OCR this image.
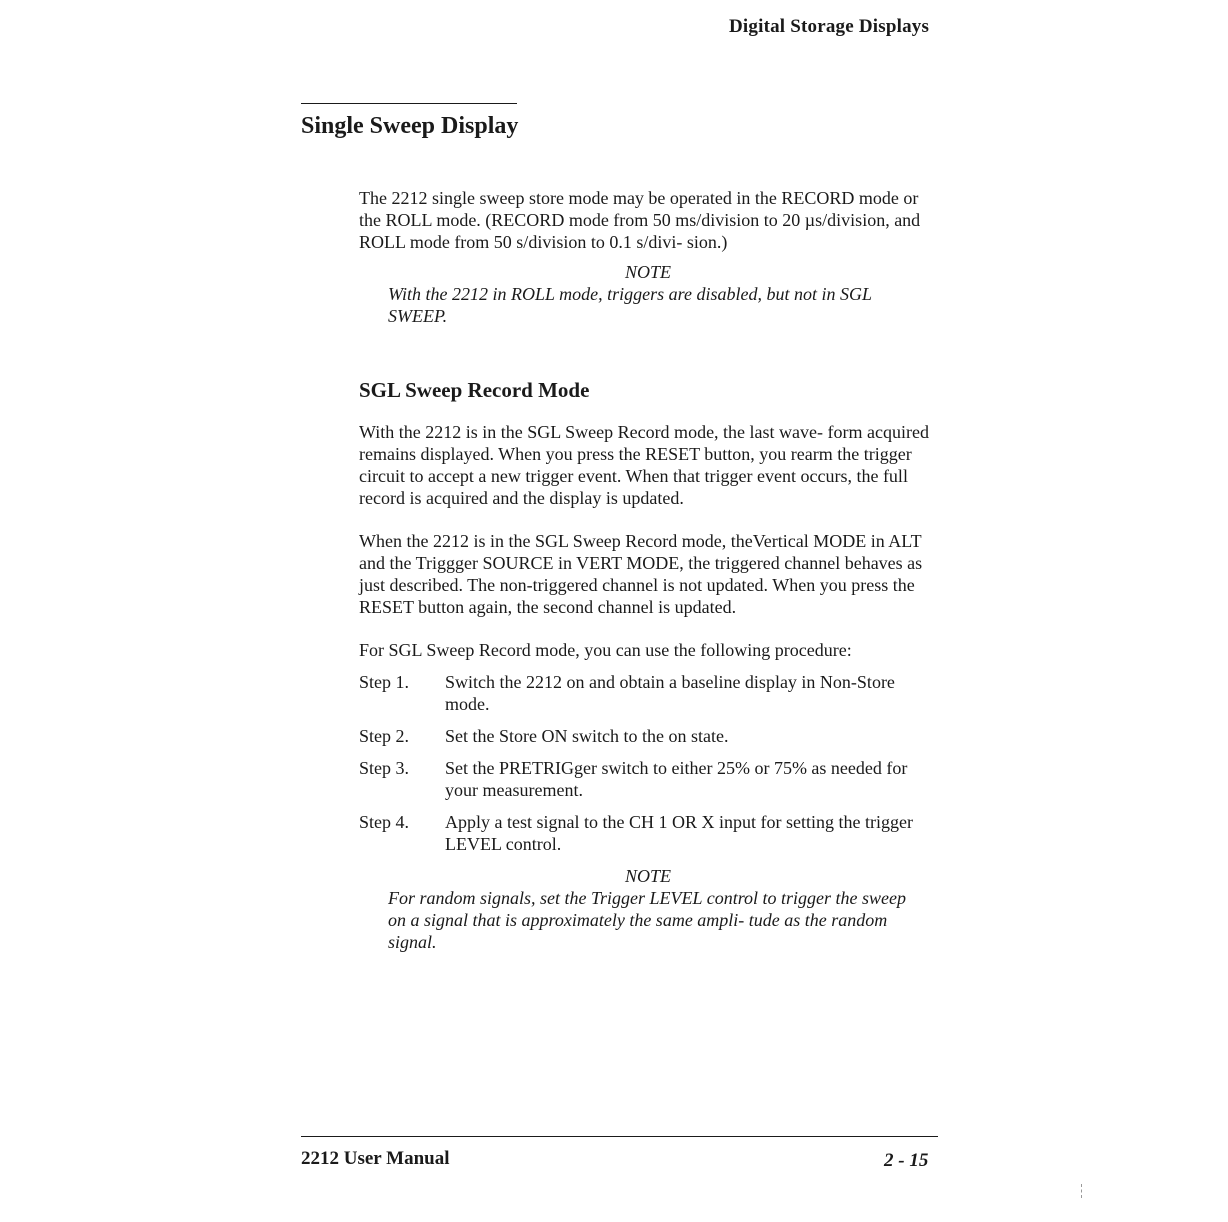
Digital Storage Displays
Single Sweep Display

The 2212 single sweep store mode may be operated in the RECORD mode or the ROLL mode. (RECORD mode from 50 ms/division to 20 µs/division, and ROLL mode from 50 s/division to 0.1 s/divi- sion.)

NOTE
With the 2212 in ROLL mode, triggers are disabled, but not in SGL SWEEP.
SGL Sweep Record Mode

With the 2212 is in the SGL Sweep Record mode, the last wave- form acquired remains displayed. When you press the RESET button, you rearm the trigger circuit to accept a new trigger event. When that trigger event occurs, the full record is acquired and the display is updated.

When the 2212 is in the SGL Sweep Record mode, theVertical MODE in ALT and the Triggger SOURCE in VERT MODE, the triggered channel behaves as just described. The non-triggered channel is not updated. When you press the RESET button again, the second channel is updated.

For SGL Sweep Record mode, you can use the following procedure:

Step 1.	Switch the 2212 on and obtain a baseline display in Non-Store mode.
Step 2.	Set the Store ON switch to the on state.
Step 3.	Set the PRETRIGger switch to either 25% or 75% as needed for your measurement.
Step 4.	Apply a test signal to the CH 1 OR X input for setting the trigger LEVEL control.
NOTE
For random signals, set the Trigger LEVEL control to trigger the sweep on a signal that is approximately the same ampli- tude as the random signal.
2212 User Manual	2 - 15
